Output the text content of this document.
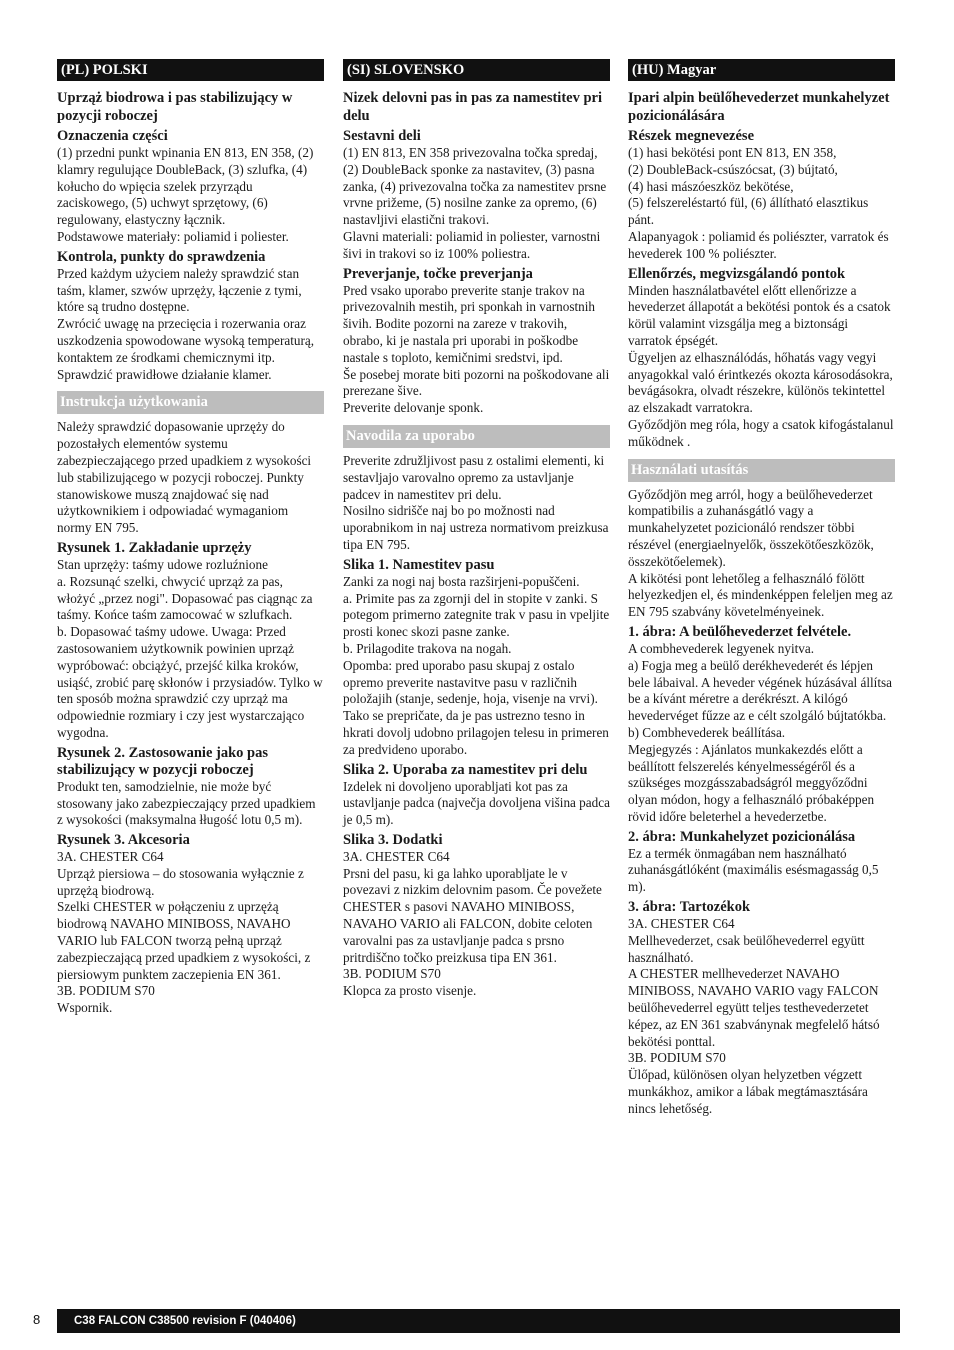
(PL) POLSKI
Uprząż biodrowa i pas stabilizujący w pozycji roboczej
Oznaczenia części
(1) przedni punkt wpinania EN 813, EN 358, (2) klamry regulujące DoubleBack, (3) szlufka, (4) kołucho do wpięcia szelek przyrządu zaciskowego, (5) uchwyt sprzętowy, (6) regulowany, elastyczny łącznik.
Podstawowe materiały: poliamid i poliester.
Kontrola, punkty do sprawdzenia
Przed każdym użyciem należy sprawdzić stan taśm, klamer, szwów uprzęży, łączenie z tymi, które są trudno dostępne.
Zwrócić uwagę na przecięcia i rozerwania oraz uszkodzenia spowodowane wysoką temperaturą, kontaktem ze środkami chemicznymi itp.
Sprawdzić prawidłowe działanie klamer.
Instrukcja użytkowania
Należy sprawdzić dopasowanie uprzęży do pozostałych elementów systemu zabezpieczającego przed upadkiem z wysokości lub stabilizującego w pozycji roboczej. Punkty stanowiskowe muszą znajdować się nad użytkownikiem i odpowiadać wymaganiom normy EN 795.
Rysunek 1. Zakładanie uprzęży
Stan uprzęży: taśmy udowe rozluźnione
a. Rozsunąć szelki, chwycić uprząż za pas, włożyć „przez nogi". Dopasować pas ciągnąc za taśmy. Końce taśm zamocować w szlufkach.
b. Dopasować taśmy udowe. Uwaga: Przed zastosowaniem użytkownik powinien uprząż wypróbować: obciążyć, przejść kilka kroków, usiąść, zrobić parę skłonów i przysiadów. Tylko w ten sposób można sprawdzić czy uprząż ma odpowiednie rozmiary i czy jest wystarczająco wygodna.
Rysunek 2. Zastosowanie jako pas stabilizujący w pozycji roboczej
Produkt ten, samodzielnie, nie może być stosowany jako zabezpieczający przed upadkiem z wysokości (maksymalna łługość lotu 0,5 m).
Rysunek 3. Akcesoria
3A. CHESTER C64
Uprząż piersiowa – do stosowania wyłącznie z uprzężą biodrową.
Szelki CHESTER w połączeniu z uprzężą biodrową NAVAHO MINIBOSS, NAVAHO VARIO lub FALCON tworzą pełną uprząż zabezpieczającą przed upadkiem z wysokości, z piersiowym punktem zaczepienia EN 361.
3B. PODIUM S70
Wspornik.
(SI) SLOVENSKO
Nizek delovni pas in pas za namestitev pri delu
Sestavni deli
(1) EN 813, EN 358 privezovalna točka spredaj, (2) DoubleBack sponke za nastavitev, (3) pasna zanka, (4) privezovalna točka za namestitev prsne vrvne prižeme, (5) nosilne zanke za opremo, (6) nastavljivi elastični trakovi.
Glavni materiali: poliamid in poliester, varnostni šivi in trakovi so iz 100% poliestra.
Preverjanje, točke preverjanja
Pred vsako uporabo preverite stanje trakov na privezovalnih mestih, pri sponkah in varnostnih šivih. Bodite pozorni na zareze v trakovih, obrabo, ki je nastala pri uporabi in poškodbe nastale s toploto, kemičnimi sredstvi, ipd.
Še posebej morate biti pozorni na poškodovane ali prerezane šive.
Preverite delovanje sponk.
Navodila za uporabo
Preverite združljivost pasu z ostalimi elementi, ki sestavljajo varovalno opremo za ustavljanje padcev in namestitev pri delu.
Nosilno sidrišče naj bo po možnosti nad uporabnikom in naj ustreza normativom preizkusa tipa EN 795.
Slika 1. Namestitev pasu
Zanki za nogi naj bosta razširjeni-popuščeni.
a. Primite pas za zgornji del in stopite v zanki. S potegom primerno zategnite trak v pasu in vpeljite prosti konec skozi pasne zanke.
b. Prilagodite trakova na nogah.
Opomba: pred uporabo pasu skupaj z ostalo opremo preverite nastavitve pasu v različnih položajih (stanje, sedenje, hoja, visenje na vrvi). Tako se prepričate, da je pas ustrezno tesno in hkrati dovolj udobno prilagojen telesu in primeren za predvideno uporabo.
Slika 2. Uporaba za namestitev pri delu
Izdelek ni dovoljeno uporabljati kot pas za ustavljanje padca (največja dovoljena višina padca je 0,5 m).
Slika 3. Dodatki
3A. CHESTER C64
Prsni del pasu, ki ga lahko uporabljate le v povezavi z nizkim delovnim pasom. Če povežete CHESTER s pasovi NAVAHO MINIBOSS, NAVAHO VARIO ali FALCON, dobite celoten varovalni pas za ustavljanje padca s prsno pritrdiščno točko preizkusa tipa EN 361.
3B. PODIUM S70
Klopca za prosto visenje.
(HU) Magyar
Ipari alpin beülőhevederzet munkahelyzet pozicionálására
Részek megnevezése
(1) hasi bekötési pont EN 813, EN 358,
(2) DoubleBack-csúszócsat, (3) bújtató,
(4) hasi mászóeszköz bekötése,
(5) felszereléstartó fül, (6) állítható elasztikus pánt.
Alapanyagok : poliamid és poliészter, varratok és hevederek 100 % poliészter.
Ellenőrzés, megvizsgálandó pontok
Minden használatbavétel előtt ellenőrizze a hevederzet állapotát a bekötési pontok és a csatok körül valamint vizsgálja meg a biztonsági varratok épségét.
Ügyeljen az elhasználódás, hőhatás vagy vegyi anyagokkal való érintkezés okozta károsodásokra, bevágásokra, olvadt részekre, különös tekintettel az elszakadt varratokra.
Győződjön meg róla, hogy a csatok kifogástalanul működnek .
Használati utasítás
Győződjön meg arról, hogy a beülőhevederzet kompatibilis a zuhanásgátló vagy a munkahelyzetet pozicionáló rendszer többi részével (energiaelnyelők, összekötőeszközök, összekötőelemek).
A kikötési pont lehetőleg a felhasználó fölött helyezkedjen el, és mindenképpen feleljen meg az EN 795 szabvány követelményeinek.
1. ábra: A beülőhevederzet felvétele.
A combhevederek legyenek nyitva.
a) Fogja meg a beülő derékhevederét és lépjen bele lábaival. A heveder végének húzásával állítsa be a kívánt méretre a derékrészt. A kilógó hevedervéget fűzze az e célt szolgáló bújtatókba.
b) Combhevederek beállítása.
Megjegyzés : Ajánlatos munkakezdés előtt a beállított felszerelés kényelmességéről és a szükséges mozgásszabadságról meggyőződni olyan módon, hogy a felhasználó próbaképpen rövid időre beleterhel a hevederzetbe.
2. ábra: Munkahelyzet pozicionálása
Ez a termék önmagában nem használható zuhanásgátlóként (maximális esésmagasság 0,5 m).
3. ábra: Tartozékok
3A. CHESTER C64
Mellhevederzet, csak beülőhevederrel együtt használható.
A CHESTER mellhevederzet NAVAHO MINIBOSS, NAVAHO VARIO vagy FALCON beülőhevederrel együtt teljes testhevederzetet képez, az EN 361 szabványnak megfelelő hátsó bekötési ponttal.
3B. PODIUM S70
Ülőpad, különösen olyan helyzetben végzett munkákhoz, amikor a lábak megtámasztására nincs lehetőség.
8	C38 FALCON C38500 revision F (040406)
